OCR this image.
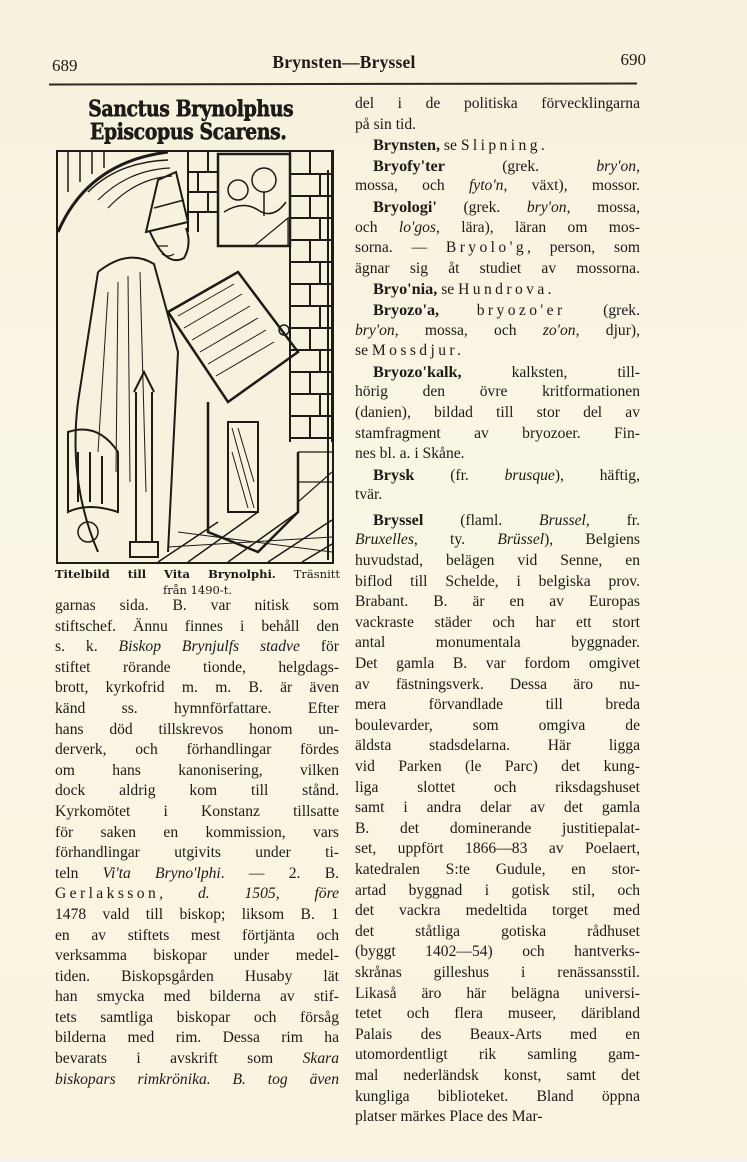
689	Brynsten—Bryssel	690
Sanctus Brynolphus
Episcopus Scarens.
Titelbild till Vita Brynolphi. Träsnitt
från 1490-t.
garnas sida. B. var nitisk som
stiftschef. Ännu finnes i behåll den
s. k. Biskop Brynjulfs stadve för
stiftet rörande tionde, helgdags-
brott, kyrkofrid m. m. B. är även
känd ss. hymnförfattare. Efter
hans död tillskrevos honom un-
derverk, och förhandlingar fördes
om hans kanonisering, vilken
dock aldrig kom till stånd.
Kyrkomötet i Konstanz tillsatte
för saken en kommission, vars
förhandlingar utgivits under ti-
teln Vi'ta Bryno'lphi. — 2. B.
Gerlaksson, d. 1505, före
1478 vald till biskop; liksom B. 1
en av stiftets mest förtjänta och
verksamma biskopar under medel-
tiden. Biskopsgården Husaby lät
han smycka med bilderna av stif-
tets samtliga biskopar och försåg
bilderna med rim. Dessa rim ha
bevarats i avskrift som Skara
biskopars rimkrönika. B. tog även
del i de politiska förvecklingarna
på sin tid.
Brynsten, se Slipning.
Bryofy'ter	(grek.	bry'on,
mossa, och fyto'n, växt), mossor.
Bryologi' (grek. bry'on, mossa,
och lo'gos, lära), läran om mos-
sorna. — Bryolo'g, person, som
ägnar sig åt studiet av mossorna.
Bryo'nia, se Hundrova.
Bryozo'a, bryozo'er (grek.
bry'on, mossa, och zo'on, djur),
se Mossdjur.
Bryozo'kalk,	kalksten,	till-
hörig den övre kritformationen
(danien), bildad till stor del av
stamfragment av bryozoer. Fin-
nes bl. a. i Skåne.
Brysk (fr. brusque), häftig,
tvär.
Bryssel (flaml. Brussel, fr.
Bruxelles, ty. Brüssel), Belgiens
huvudstad, belägen vid Senne, en
biflod till Schelde, i belgiska prov.
Brabant. B. är en av Europas
vackraste städer och har ett stort
antal monumentala byggnader.
Det gamla B. var fordom omgivet
av fästningsverk. Dessa äro nu-
mera förvandlade till breda
boulevarder, som omgiva de
äldsta stadsdelarna. Här ligga
vid Parken (le Parc) det kung-
liga slottet och riksdagshuset
samt i andra delar av det gamla
B. det dominerande justitiepalat-
set, uppfört 1866—83 av Poelaert,
katedralen S:te Gudule, en stor-
artad byggnad i gotisk stil, och
det vackra medeltida torget med
det ståtliga gotiska rådhuset
(byggt 1402—54) och hantverks-
skrånas gilleshus i renässansstil.
Likaså äro här belägna universi-
tetet och flera museer, däribland
Palais des Beaux-Arts med en
utomordentligt rik samling gam-
mal nederländsk konst, samt det
kungliga biblioteket. Bland öppna
platser märkes Place des Mar-
